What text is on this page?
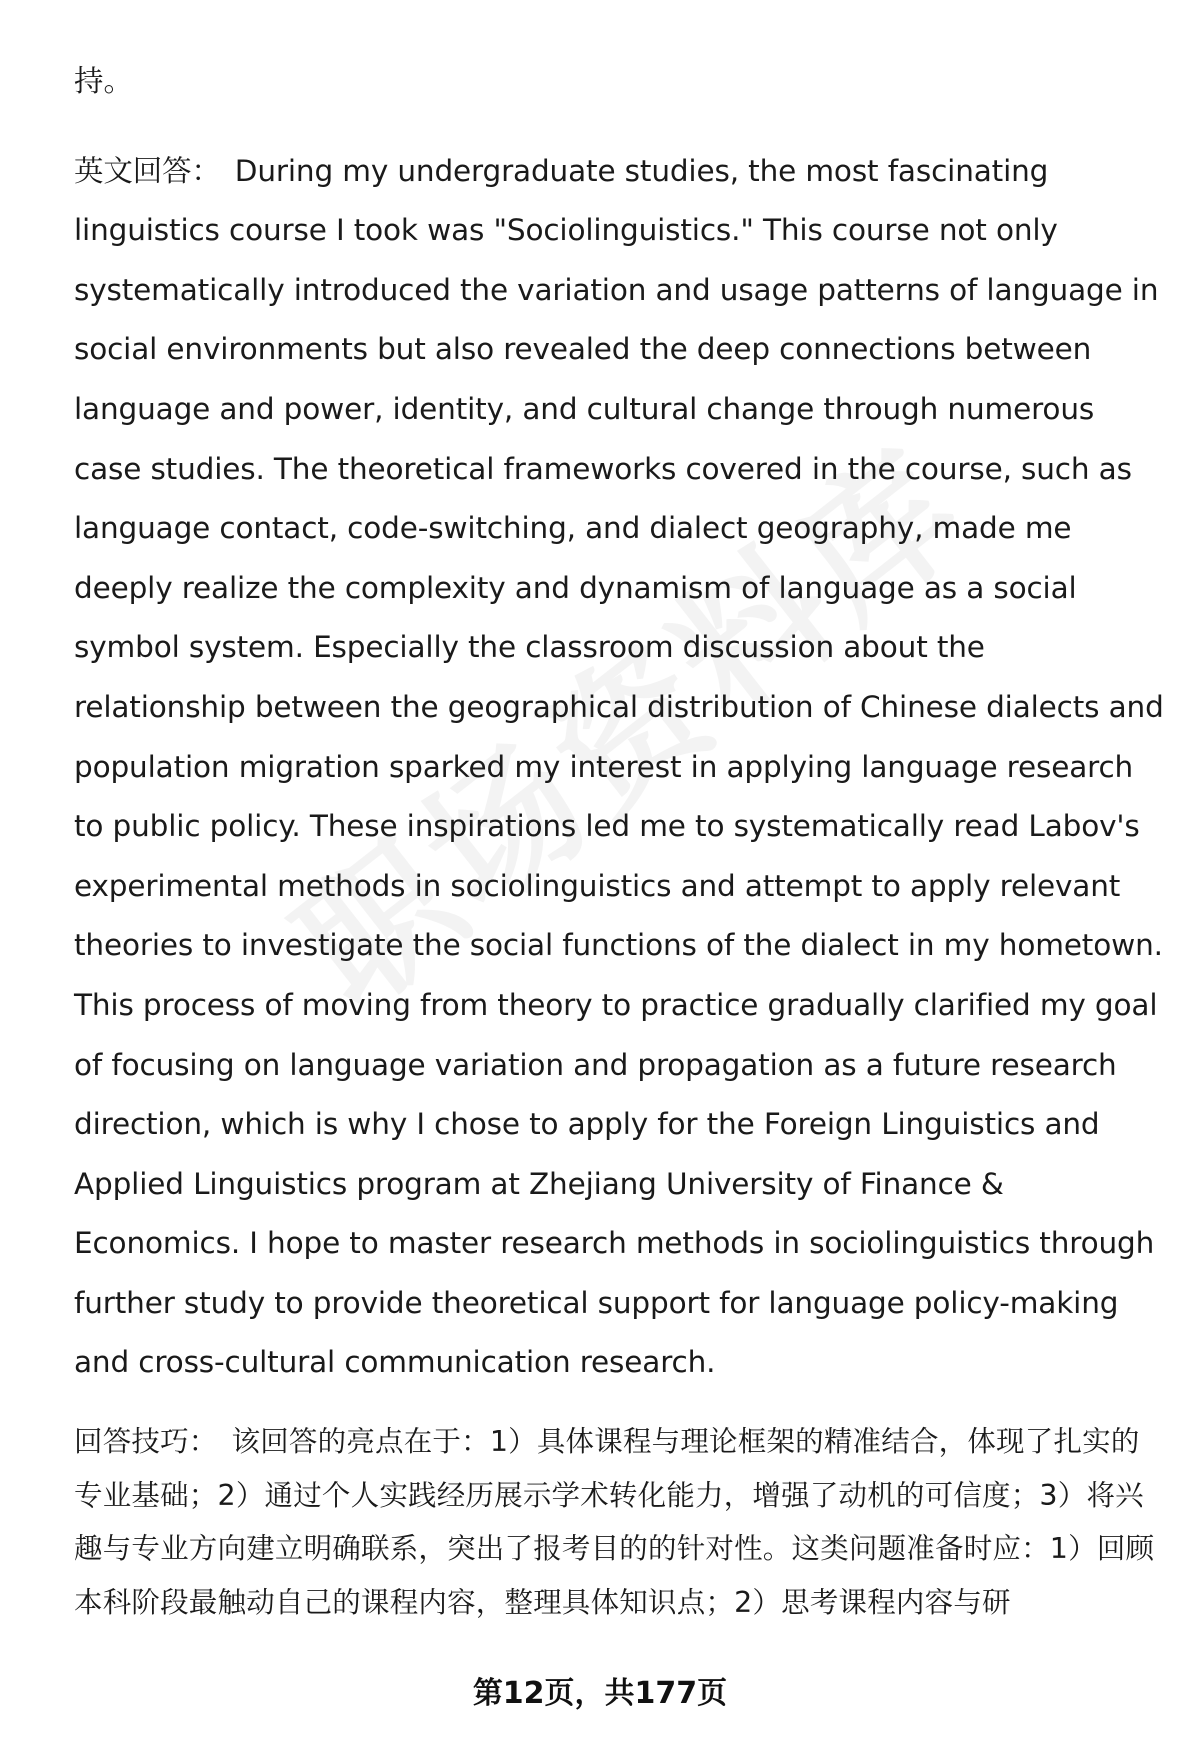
持。

英文回答： During my undergraduate studies, the most fascinating linguistics course I took was "Sociolinguistics." This course not only systematically introduced the variation and usage patterns of language in social environments but also revealed the deep connections between language and power, identity, and cultural change through numerous case studies. The theoretical frameworks covered in the course, such as language contact, code-switching, and dialect geography, made me deeply realize the complexity and dynamism of language as a social symbol system. Especially the classroom discussion about the relationship between the geographical distribution of Chinese dialects and population migration sparked my interest in applying language research to public policy. These inspirations led me to systematically read Labov's experimental methods in sociolinguistics and attempt to apply relevant theories to investigate the social functions of the dialect in my hometown. This process of moving from theory to practice gradually clarified my goal of focusing on language variation and propagation as a future research direction, which is why I chose to apply for the Foreign Linguistics and Applied Linguistics program at Zhejiang University of Finance & Economics. I hope to master research methods in sociolinguistics through further study to provide theoretical support for language policy-making and cross-cultural communication research.

回答技巧： 该回答的亮点在于：1）具体课程与理论框架的精准结合，体现了扎实的专业基础；2）通过个人实践经历展示学术转化能力，增强了动机的可信度；3）将兴趣与专业方向建立明确联系，突出了报考目的的针对性。这类问题准备时应：1）回顾本科阶段最触动自己的课程内容，整理具体知识点；2）思考课程内容与研

第12页，共177页
